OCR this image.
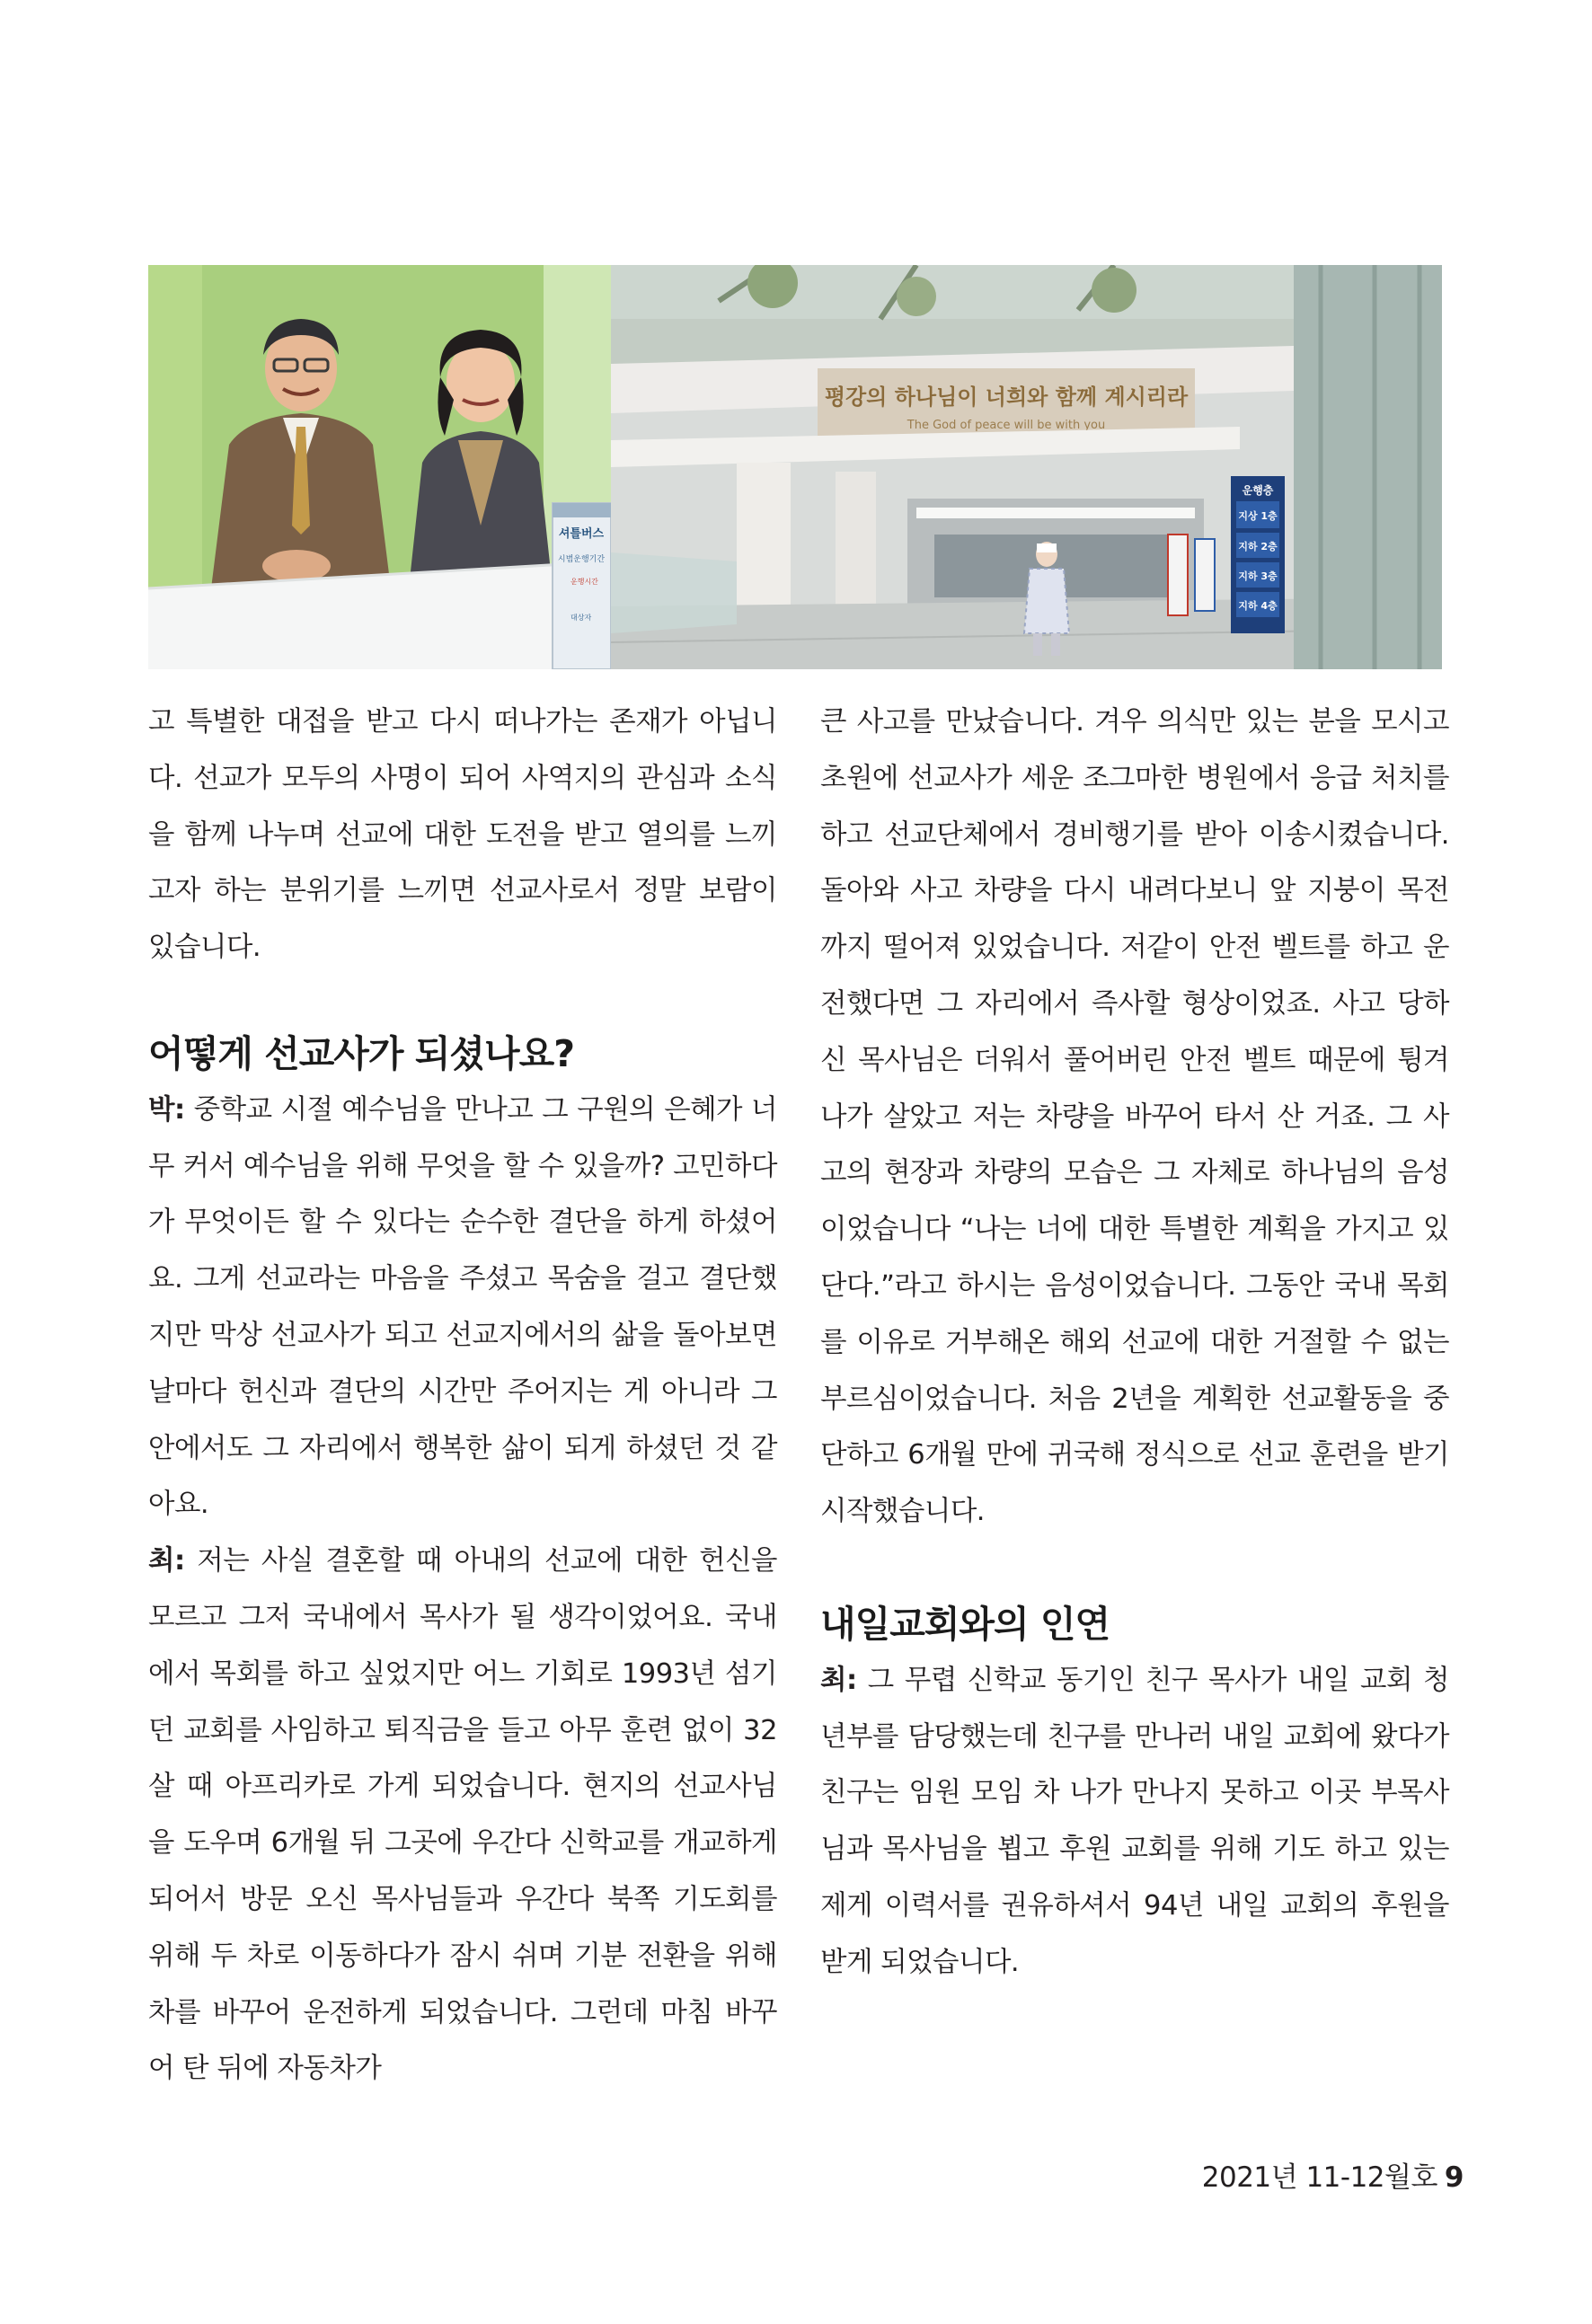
셔틀버스
시범운행기간
운행시간
대상자
평강의 하나님이 너희와 함께 계시리라
The God of peace will be with you
운행층
지상 1층
지하 2층
지하 3층
지하 4층

고 특별한 대접을 받고 다시 떠나가는 존재가 아닙니다. 선교가 모두의 사명이 되어 사역지의 관심과 소식을 함께 나누며 선교에 대한 도전을 받고 열의를 느끼고자 하는 분위기를 느끼면 선교사로서 정말 보람이 있습니다.

어떻게 선교사가 되셨나요?

박: 중학교 시절 예수님을 만나고 그 구원의 은혜가 너무 커서 예수님을 위해 무엇을 할 수 있을까? 고민하다가 무엇이든 할 수 있다는 순수한 결단을 하게 하셨어요. 그게 선교라는 마음을 주셨고 목숨을 걸고 결단했지만 막상 선교사가 되고 선교지에서의 삶을 돌아보면 날마다 헌신과 결단의 시간만 주어지는 게 아니라 그 안에서도 그 자리에서 행복한 삶이 되게 하셨던 것 같아요.

최: 저는 사실 결혼할 때 아내의 선교에 대한 헌신을 모르고 그저 국내에서 목사가 될 생각이었어요. 국내에서 목회를 하고 싶었지만 어느 기회로 1993년 섬기던 교회를 사임하고 퇴직금을 들고 아무 훈련 없이 32살 때 아프리카로 가게 되었습니다. 현지의 선교사님을 도우며 6개월 뒤 그곳에 우간다 신학교를 개교하게 되어서 방문 오신 목사님들과 우간다 북쪽 기도회를 위해 두 차로 이동하다가 잠시 쉬며 기분 전환을 위해 차를 바꾸어 운전하게 되었습니다. 그런데 마침 바꾸어 탄 뒤에 자동차가

큰 사고를 만났습니다. 겨우 의식만 있는 분을 모시고 초원에 선교사가 세운 조그마한 병원에서 응급 처치를 하고 선교단체에서 경비행기를 받아 이송시켰습니다. 돌아와 사고 차량을 다시 내려다보니 앞 지붕이 목전까지 떨어져 있었습니다. 저같이 안전 벨트를 하고 운전했다면 그 자리에서 즉사할 형상이었죠. 사고 당하신 목사님은 더워서 풀어버린 안전 벨트 때문에 튕겨 나가 살았고 저는 차량을 바꾸어 타서 산 거죠. 그 사고의 현장과 차량의 모습은 그 자체로 하나님의 음성이었습니다 “나는 너에 대한 특별한 계획을 가지고 있단다.”라고 하시는 음성이었습니다. 그동안 국내 목회를 이유로 거부해온 해외 선교에 대한 거절할 수 없는 부르심이었습니다. 처음 2년을 계획한 선교활동을 중단하고 6개월 만에 귀국해 정식으로 선교 훈련을 받기 시작했습니다.

내일교회와의 인연

최: 그 무렵 신학교 동기인 친구 목사가 내일 교회 청년부를 담당했는데 친구를 만나러 내일 교회에 왔다가 친구는 임원 모임 차 나가 만나지 못하고 이곳 부목사님과 목사님을 뵙고 후원 교회를 위해 기도 하고 있는 제게 이력서를 권유하셔서 94년 내일 교회의 후원을 받게 되었습니다.

2021년 11-12월호 9
